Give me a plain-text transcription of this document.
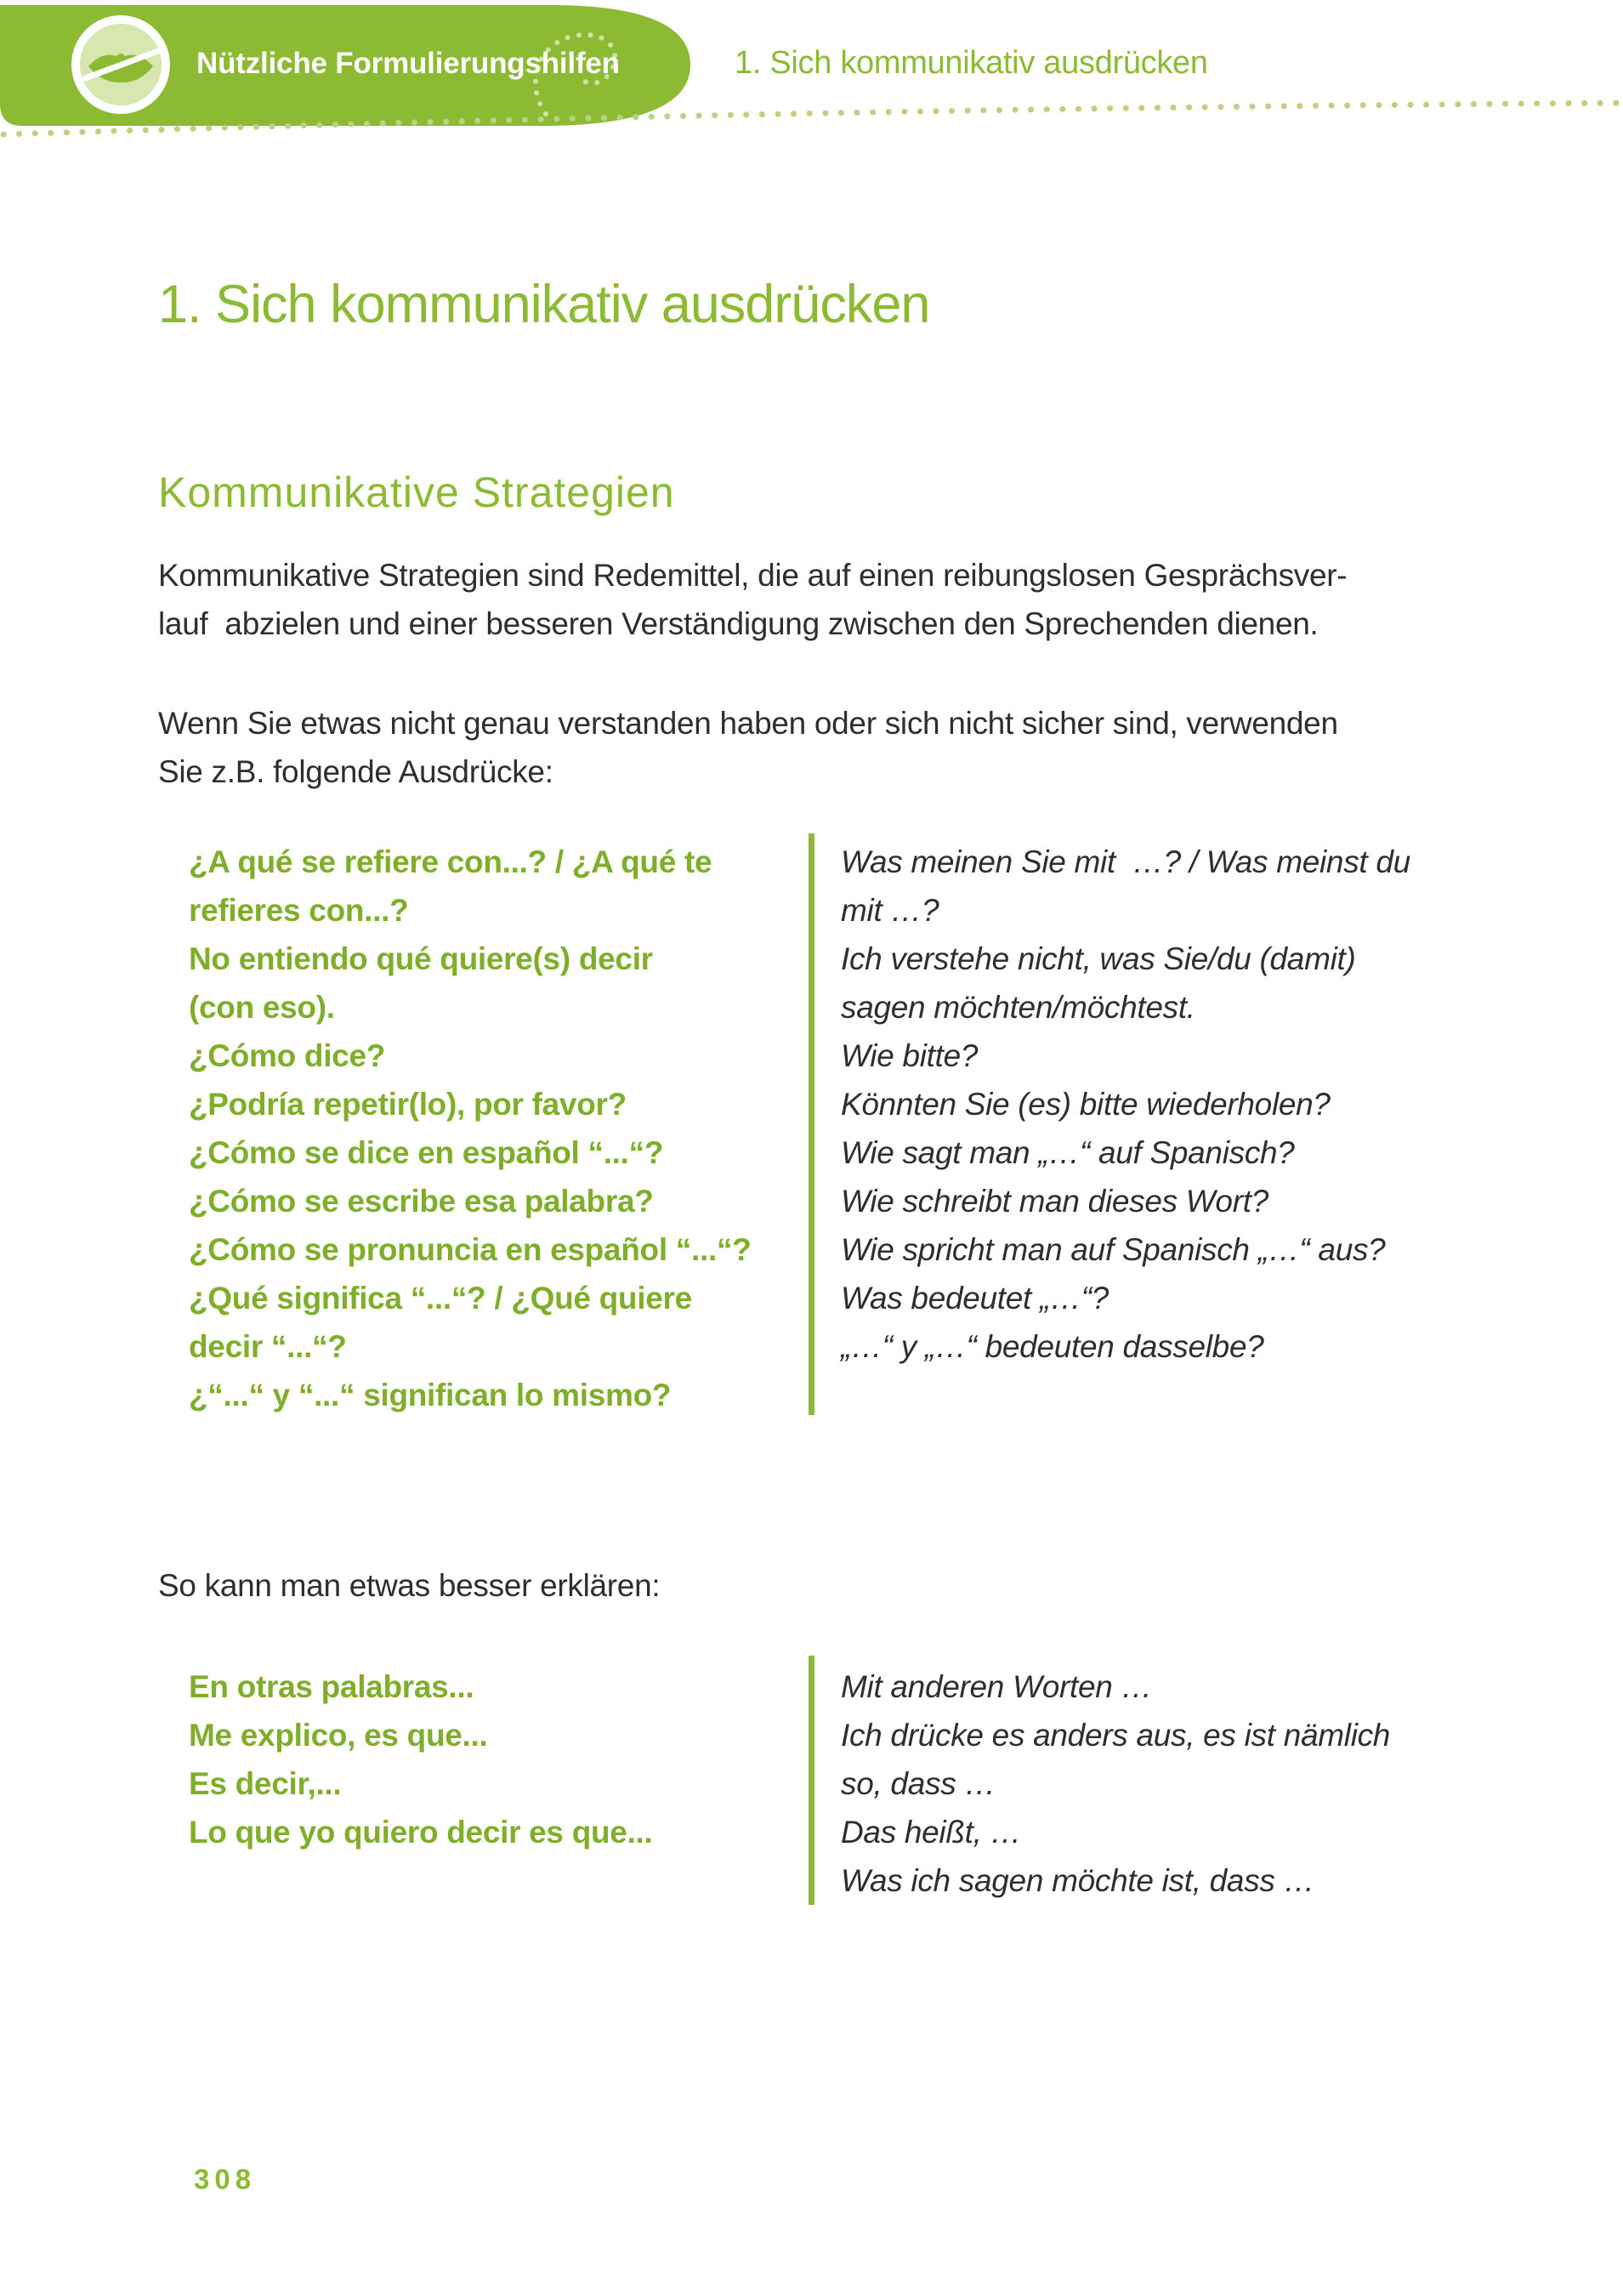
Nützliche Formulierungshilfen	1. Sich kommunikativ ausdrücken
1. Sich kommunikativ ausdrücken
Kommunikative Strategien
Kommunikative Strategien sind Redemittel, die auf einen reibungslosen Gesprächsver-
lauf  abzielen und einer besseren Verständigung zwischen den Sprechenden dienen.
Wenn Sie etwas nicht genau verstanden haben oder sich nicht sicher sind, verwenden
Sie z.B. folgende Ausdrücke:
¿A qué se refiere con...? / ¿A qué te
refieres con...?
No entiendo qué quiere(s) decir
(con eso).
¿Cómo dice?
¿Podría repetir(lo), por favor?
¿Cómo se dice en español “...“?
¿Cómo se escribe esa palabra?
¿Cómo se pronuncia en español “...“?
¿Qué significa “...“? / ¿Qué quiere
decir “...“?
¿“...“ y “...“ significan lo mismo?
Was meinen Sie mit  …? / Was meinst du
mit …?
Ich verstehe nicht, was Sie/du (damit)
sagen möchten/möchtest.
Wie bitte?
Könnten Sie (es) bitte wiederholen?
Wie sagt man „…“ auf Spanisch?
Wie schreibt man dieses Wort?
Wie spricht man auf Spanisch „…“ aus?
Was bedeutet „…“?
„…“ y „…“ bedeuten dasselbe?
So kann man etwas besser erklären:
En otras palabras...
Me explico, es que...
Es decir,...
Lo que yo quiero decir es que...
Mit anderen Worten …
Ich drücke es anders aus, es ist nämlich
so, dass …
Das heißt, …
Was ich sagen möchte ist, dass …
308
